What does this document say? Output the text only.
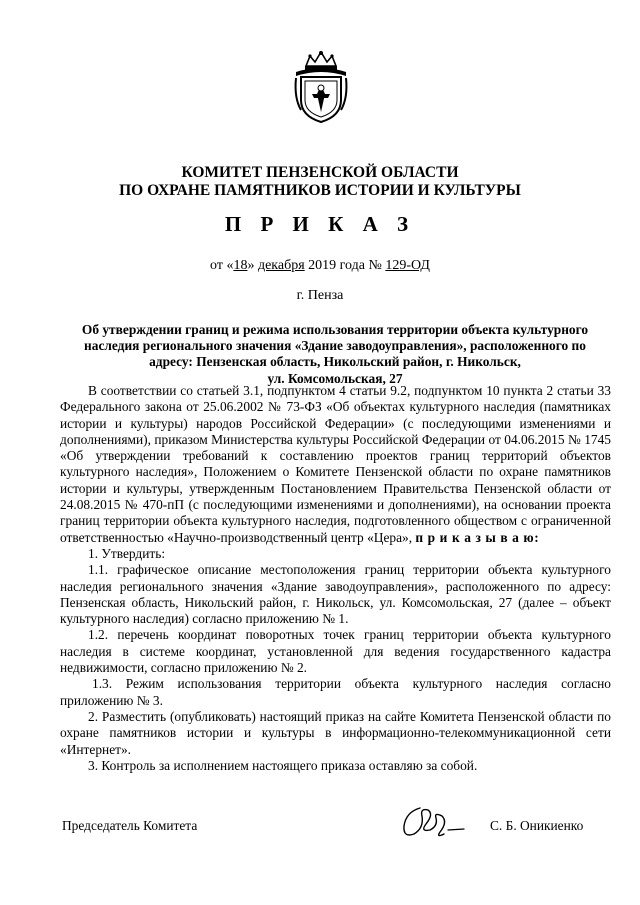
КОМИТЕТ ПЕНЗЕНСКОЙ ОБЛАСТИ
ПО ОХРАНЕ ПАМЯТНИКОВ ИСТОРИИ И КУЛЬТУРЫ
П Р И К А З
от «18» декабря 2019 года № 129-ОД
г. Пенза
Об утверждении границ и режима использования территории объекта культурного
наследия регионального значения «Здание заводоуправления», расположенного по
адресу: Пензенская область, Никольский район, г. Никольск,
ул. Комсомольская, 27

В соответствии со статьей 3.1, подпунктом 4 статьи 9.2, подпунктом 10 пункта 2 статьи 33 Федерального закона от 25.06.2002 № 73-ФЗ «Об объектах культурного наследия (памятниках истории и культуры) народов Российской Федерации» (с последующими изменениями и дополнениями), приказом Министерства культуры Российской Федерации от 04.06.2015 № 1745 «Об утверждении требований к составлению проектов границ территорий объектов культурного наследия», Положением о Комитете Пензенской области по охране памятников истории и культуры, утвержденным Постановлением Правительства Пензенской области от 24.08.2015 № 470-пП (с последующими изменениями и дополнениями), на основании проекта границ территории объекта культурного наследия, подготовленного обществом с ограниченной ответственностью «Научно-производственный центр «Цера», п р и к а з ы в а ю:

1. Утвердить:

1.1. графическое описание местоположения границ территории объекта культурного наследия регионального значения «Здание заводоуправления», расположенного по адресу: Пензенская область, Никольский район, г. Никольск, ул. Комсомольская, 27 (далее – объект культурного наследия) согласно приложению № 1.

1.2. перечень координат поворотных точек границ территории объекта культурного наследия в системе координат, установленной для ведения государственного кадастра недвижимости, согласно приложению № 2.

1.3. Режим использования территории объекта культурного наследия согласно приложению № 3.

2. Разместить (опубликовать) настоящий приказ на сайте Комитета Пензенской области по охране памятников истории и культуры в информационно-телекоммуникационной сети «Интернет».

3. Контроль за исполнением настоящего приказа оставляю за собой.

Председатель Комитета	С. Б. Оникиенко
